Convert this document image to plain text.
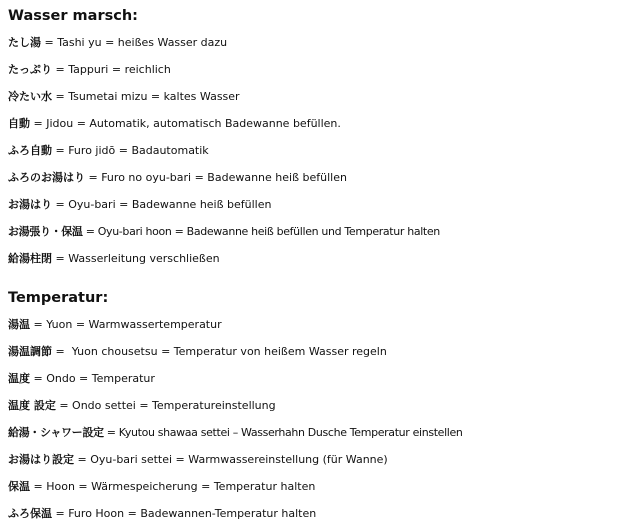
Wasser marsch:
たし湯 = Tashi yu = heißes Wasser dazu
たっぷり = Tappuri = reichlich
冷たい水 = Tsumetai mizu = kaltes Wasser
自動 = Jidou = Automatik, automatisch Badewanne befüllen.
ふろ自動 = Furo jidō = Badautomatik
ふろのお湯はり = Furo no oyu-bari = Badewanne heiß befüllen
お湯はり = Oyu-bari = Badewanne heiß befüllen
お湯張り・保温 = Oyu-bari hoon = Badewanne heiß befüllen und Temperatur halten
給湯柱閉 = Wasserleitung verschließen
Temperatur:
湯温 = Yuon = Warmwassertemperatur
湯温調節 =  Yuon chousetsu = Temperatur von heißem Wasser regeln
温度 = Ondo = Temperatur
温度 設定 = Ondo settei = Temperatureinstellung
給湯・シャワー設定 = Kyutou shawaa settei – Wasserhahn Dusche Temperatur einstellen
お湯はり設定 = Oyu-bari settei = Warmwassereinstellung (für Wanne)
保温 = Hoon = Wärmespeicherung = Temperatur halten
ふろ保温 = Furo Hoon = Badewannen-Temperatur halten
